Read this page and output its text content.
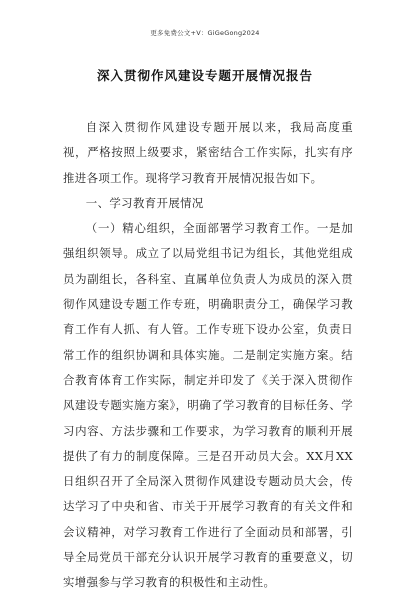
更多免费公文+V：GiGeGong2024
深入贯彻作风建设专题开展情况报告

自深入贯彻作风建设专题开展以来，我局高度重视，严格按照上级要求，紧密结合工作实际，扎实有序推进各项工作。现将学习教育开展情况报告如下。

一、学习教育开展情况

（一）精心组织，全面部署学习教育工作。一是加强组织领导。成立了以局党组书记为组长，其他党组成员为副组长，各科室、直属单位负责人为成员的深入贯彻作风建设专题工作专班，明确职责分工，确保学习教育工作有人抓、有人管。工作专班下设办公室，负责日常工作的组织协调和具体实施。二是制定实施方案。结合教育体育工作实际，制定并印发了《关于深入贯彻作风建设专题实施方案》，明确了学习教育的目标任务、学习内容、方法步骤和工作要求，为学习教育的顺利开展提供了有力的制度保障。三是召开动员大会。XX月XX日组织召开了全局深入贯彻作风建设专题动员大会，传达学习了中央和省、市关于开展学习教育的有关文件和会议精神，对学习教育工作进行了全面动员和部署，引导全局党员干部充分认识开展学习教育的重要意义，切实增强参与学习教育的积极性和主动性。
